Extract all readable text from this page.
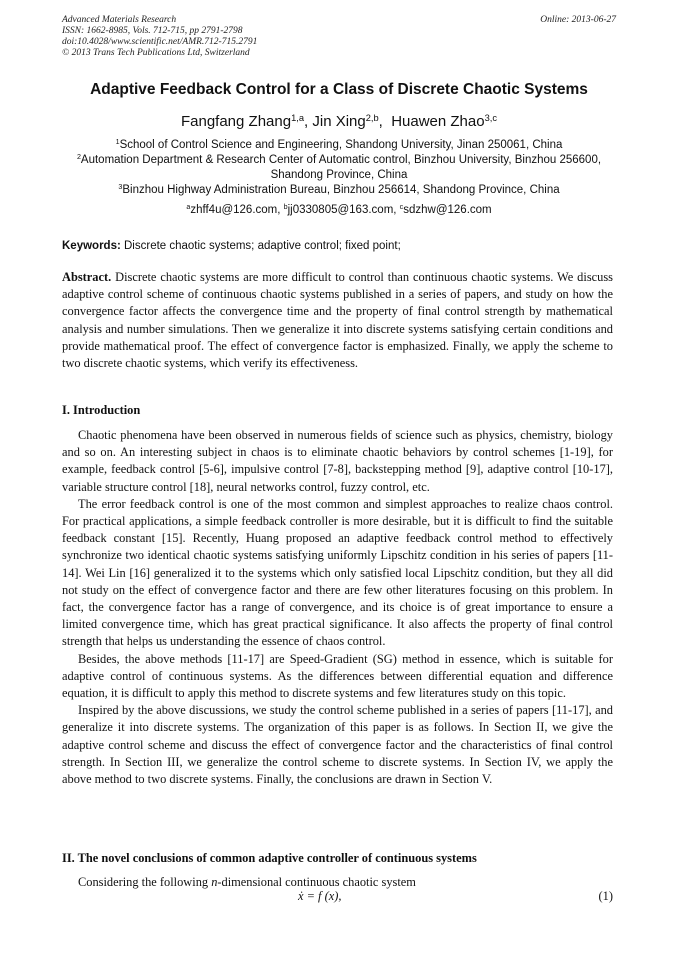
Advanced Materials Research
ISSN: 1662-8985, Vols. 712-715, pp 2791-2798
doi:10.4028/www.scientific.net/AMR.712-715.2791
© 2013 Trans Tech Publications Ltd, Switzerland
Online: 2013-06-27
Adaptive Feedback Control for a Class of Discrete Chaotic Systems
Fangfang Zhang$^{1,a}$, Jin Xing$^{2,b}$,  Huawen Zhao$^{3,c}$
$^1$School of Control Science and Engineering, Shandong University, Jinan 250061, China
$^2$Automation Department & Research Center of Automatic control, Binzhou University, Binzhou 256600, Shandong Province, China
$^3$Binzhou Highway Administration Bureau, Binzhou 256614, Shandong Province, China
$^a$zhff4u@126.com, $^b$jj0330805@163.com, $^c$sdzhw@126.com
Keywords: Discrete chaotic systems; adaptive control; fixed point;
Abstract. Discrete chaotic systems are more difficult to control than continuous chaotic systems. We discuss adaptive control scheme of continuous chaotic systems published in a series of papers, and study on how the convergence factor affects the convergence time and the property of final control strength by mathematical analysis and number simulations. Then we generalize it into discrete systems satisfying certain conditions and provide mathematical proof. The effect of convergence factor is emphasized. Finally, we apply the scheme to two discrete chaotic systems, which verify its effectiveness.
I. Introduction

Chaotic phenomena have been observed in numerous fields of science such as physics, chemistry, biology and so on. An interesting subject in chaos is to eliminate chaotic behaviors by control schemes [1-19], for example, feedback control [5-6], impulsive control [7-8], backstepping method [9], adaptive control [10-17], variable structure control [18], neural networks control, fuzzy control, etc.

The error feedback control is one of the most common and simplest approaches to realize chaos control. For practical applications, a simple feedback controller is more desirable, but it is difficult to find the suitable feedback constant [15]. Recently, Huang proposed an adaptive feedback control method to effectively synchronize two identical chaotic systems satisfying uniformly Lipschitz condition in his series of papers [11-14]. Wei Lin [16] generalized it to the systems which only satisfied local Lipschitz condition, but they all did not study on the effect of convergence factor and there are few other literatures focusing on this problem. In fact, the convergence factor has a range of convergence, and its choice is of great importance to ensure a limited convergence time, which has great practical significance. It also affects the property of final control strength that helps us understanding the essence of chaos control.

Besides, the above methods [11-17] are Speed-Gradient (SG) method in essence, which is suitable for adaptive control of continuous systems. As the differences between differential equation and difference equation, it is difficult to apply this method to discrete systems and few literatures study on this topic.

Inspired by the above discussions, we study the control scheme published in a series of papers [11-17], and generalize it into discrete systems. The organization of this paper is as follows. In Section II, we give the adaptive control scheme and discuss the effect of convergence factor and the characteristics of final control strength. In Section III, we generalize the control scheme to discrete systems. In Section IV, we apply the above method to two discrete systems. Finally, the conclusions are drawn in Section V.

II. The novel conclusions of common adaptive controller of continuous systems
Considering the following n-dimensional continuous chaotic system
ẋ = f (x),	(1)
